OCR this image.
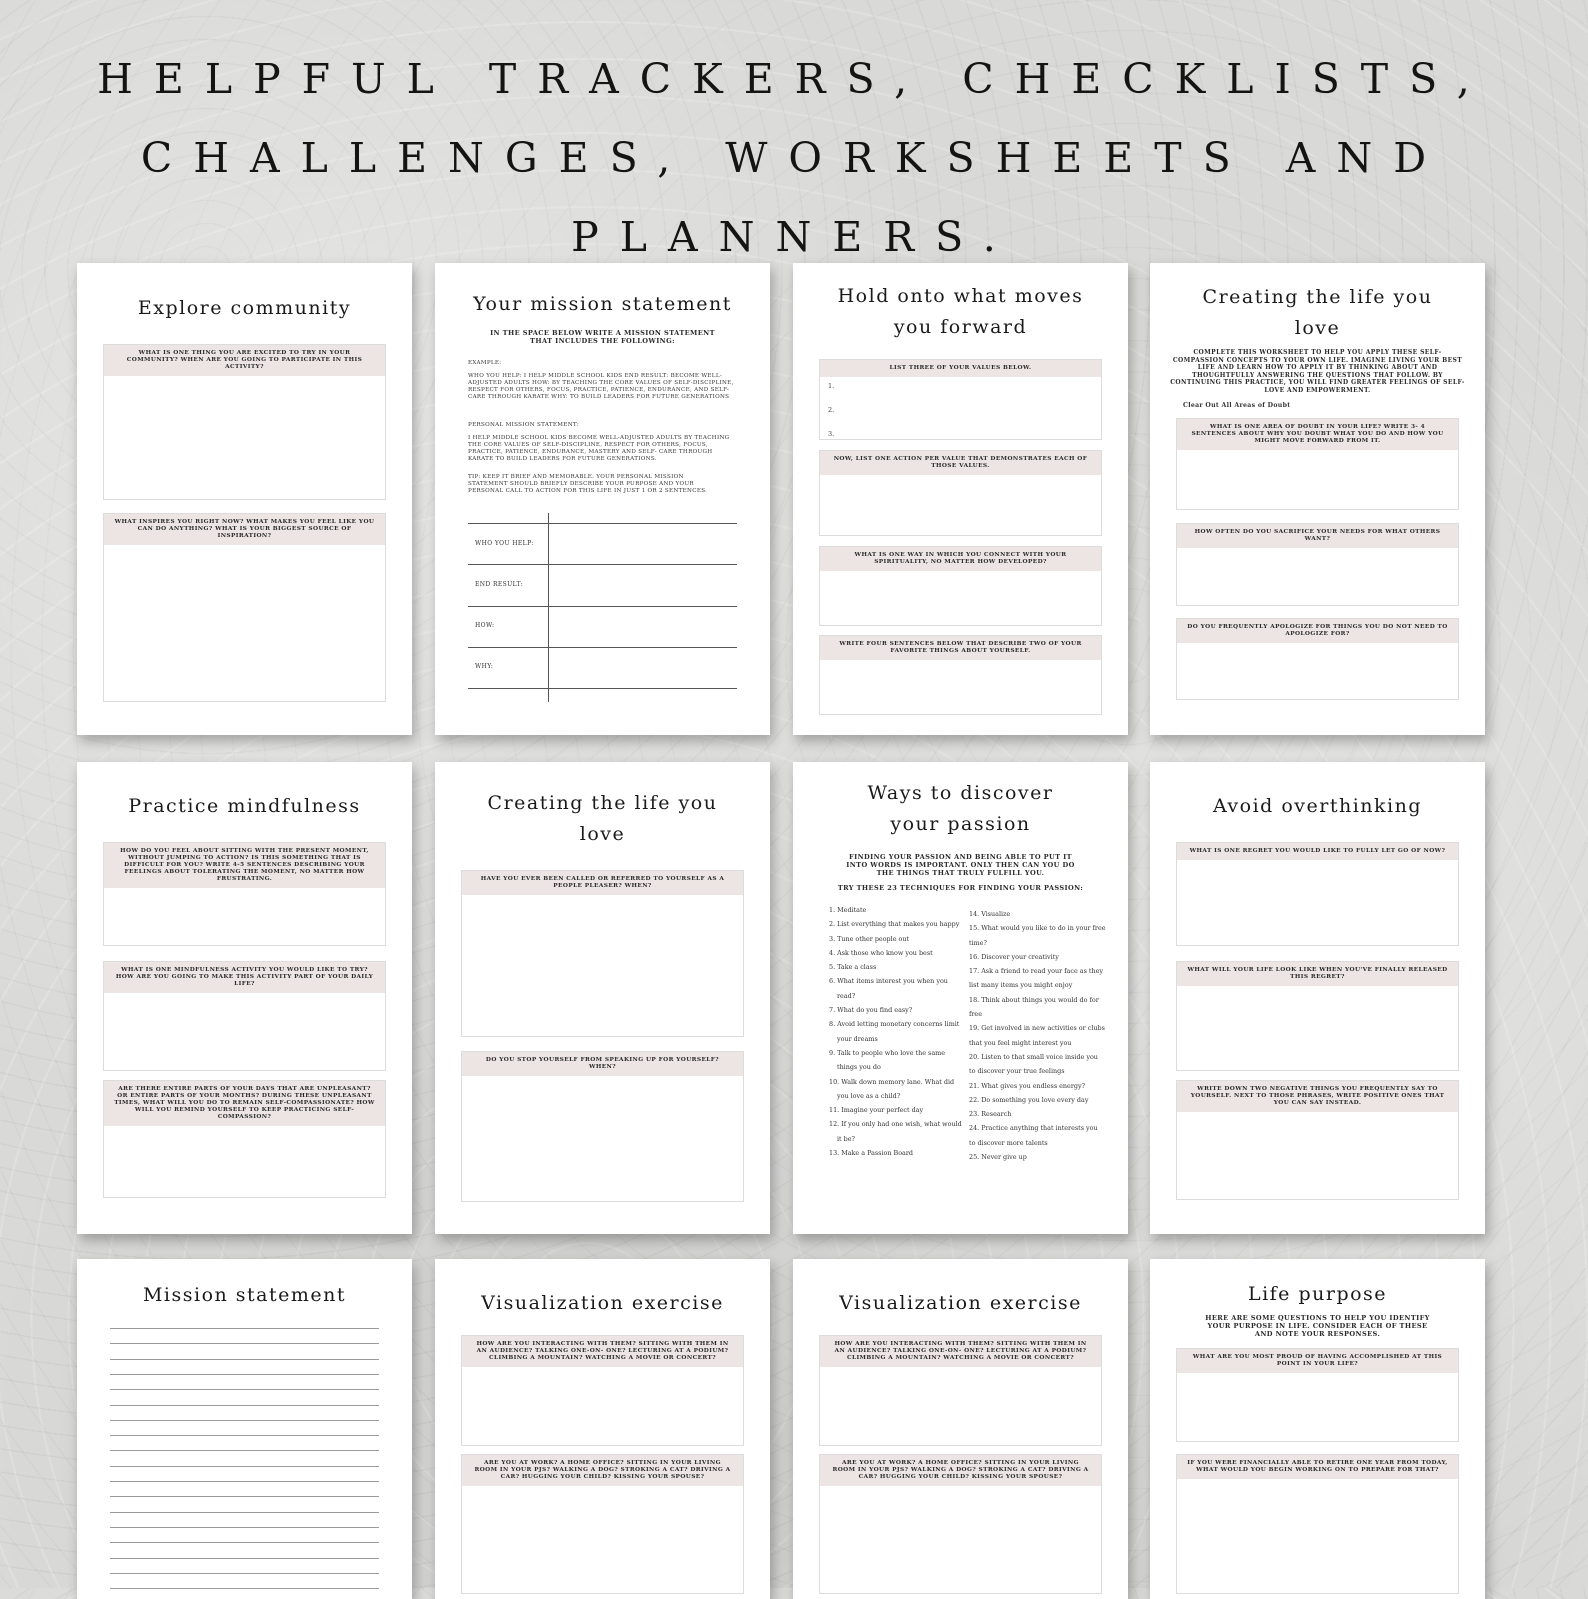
HELPFUL TRACKERS, CHECKLISTS,
CHALLENGES, WORKSHEETS AND
PLANNERS.
Explore community
WHAT IS ONE THING YOU ARE EXCITED TO TRY IN YOUR COMMUNITY? WHEN ARE YOU GOING TO PARTICIPATE IN THIS ACTIVITY?
WHAT INSPIRES YOU RIGHT NOW? WHAT MAKES YOU FEEL LIKE YOU CAN DO ANYTHING? WHAT IS YOUR BIGGEST SOURCE OF INSPIRATION?
Your mission statement
IN THE SPACE BELOW WRITE A MISSION STATEMENT THAT INCLUDES THE FOLLOWING:
EXAMPLE:
WHO YOU HELP: I HELP MIDDLE SCHOOL KIDS END RESULT: BECOME WELL-ADJUSTED ADULTS HOW: BY TEACHING THE CORE VALUES OF SELF-DISCIPLINE, RESPECT FOR OTHERS, FOCUS, PRACTICE, PATIENCE, ENDURANCE, AND SELF-CARE THROUGH KARATE WHY: TO BUILD LEADERS FOR FUTURE GENERATIONS
PERSONAL MISSION STATEMENT:
I HELP MIDDLE SCHOOL KIDS BECOME WELL-ADJUSTED ADULTS BY TEACHING THE CORE VALUES OF SELF-DISCIPLINE, RESPECT FOR OTHERS, FOCUS, PRACTICE, PATIENCE, ENDURANCE, MASTERY AND SELF- CARE THROUGH KARATE TO BUILD LEADERS FOR FUTURE GENERATIONS.
TIP: KEEP IT BRIEF AND MEMORABLE. YOUR PERSONAL MISSION STATEMENT SHOULD BRIEFLY DESCRIBE YOUR PURPOSE AND YOUR PERSONAL CALL TO ACTION FOR THIS LIFE IN JUST 1 OR 2 SENTENCES.
WHO YOU HELP:
END RESULT:
HOW:
WHY:
Hold onto what moves you forward
LIST THREE OF YOUR VALUES BELOW.
1.
2.
3.
NOW, LIST ONE ACTION PER VALUE THAT DEMONSTRATES EACH OF THOSE VALUES.
WHAT IS ONE WAY IN WHICH YOU CONNECT WITH YOUR SPIRITUALITY, NO MATTER HOW DEVELOPED?
WRITE FOUR SENTENCES BELOW THAT DESCRIBE TWO OF YOUR FAVORITE THINGS ABOUT YOURSELF.
Creating the life you love
COMPLETE THIS WORKSHEET TO HELP YOU APPLY THESE SELF-COMPASSION CONCEPTS TO YOUR OWN LIFE. IMAGINE LIVING YOUR BEST LIFE AND LEARN HOW TO APPLY IT BY THINKING ABOUT AND THOUGHTFULLY ANSWERING THE QUESTIONS THAT FOLLOW. BY CONTINUING THIS PRACTICE, YOU WILL FIND GREATER FEELINGS OF SELF-LOVE AND EMPOWERMENT.
Clear Out All Areas of Doubt
WHAT IS ONE AREA OF DOUBT IN YOUR LIFE? WRITE 3- 4 SENTENCES ABOUT WHY YOU DOUBT WHAT YOU DO AND HOW YOU MIGHT MOVE FORWARD FROM IT.
HOW OFTEN DO YOU SACRIFICE YOUR NEEDS FOR WHAT OTHERS WANT?
DO YOU FREQUENTLY APOLOGIZE FOR THINGS YOU DO NOT NEED TO APOLOGIZE FOR?
Practice mindfulness
HOW DO YOU FEEL ABOUT SITTING WITH THE PRESENT MOMENT, WITHOUT JUMPING TO ACTION? IS THIS SOMETHING THAT IS DIFFICULT FOR YOU? WRITE 4-5 SENTENCES DESCRIBING YOUR FEELINGS ABOUT TOLERATING THE MOMENT, NO MATTER HOW FRUSTRATING.
WHAT IS ONE MINDFULNESS ACTIVITY YOU WOULD LIKE TO TRY? HOW ARE YOU GOING TO MAKE THIS ACTIVITY PART OF YOUR DAILY LIFE?
ARE THERE ENTIRE PARTS OF YOUR DAYS THAT ARE UNPLEASANT? OR ENTIRE PARTS OF YOUR MONTHS? DURING THESE UNPLEASANT TIMES, WHAT WILL YOU DO TO REMAIN SELF-COMPASSIONATE? HOW WILL YOU REMIND YOURSELF TO KEEP PRACTICING SELF-COMPASSION?
Creating the life you love
HAVE YOU EVER BEEN CALLED OR REFERRED TO YOURSELF AS A PEOPLE PLEASER? WHEN?
DO YOU STOP YOURSELF FROM SPEAKING UP FOR YOURSELF? WHEN?
Ways to discover your passion
FINDING YOUR PASSION AND BEING ABLE TO PUT IT INTO WORDS IS IMPORTANT. ONLY THEN CAN YOU DO THE THINGS THAT TRULY FULFILL YOU.
TRY THESE 23 TECHNIQUES FOR FINDING YOUR PASSION:
1. Meditate
2. List everything that makes you happy
3. Tune other people out
4. Ask those who know you best
5. Take a class
6. What items interest you when you
read?
7. What do you find easy?
8. Avoid letting monetary concerns limit
your dreams
9. Talk to people who love the same
things you do
10. Walk down memory lane. What did
you love as a child?
11. Imagine your perfect day
12. If you only had one wish, what would
it be?
13. Make a Passion Board
14. Visualize
15. What would you like to do in your free
time?
16. Discover your creativity
17. Ask a friend to read your face as they
list many items you might enjoy
18. Think about things you would do for
free
19. Get involved in new activities or clubs
that you feel might interest you
20. Listen to that small voice inside you
to discover your true feelings
21. What gives you endless energy?
22. Do something you love every day
23. Research
24. Practice anything that interests you
to discover more talents
25. Never give up
Avoid overthinking
WHAT IS ONE REGRET YOU WOULD LIKE TO FULLY LET GO OF NOW?
WHAT WILL YOUR LIFE LOOK LIKE WHEN YOU'VE FINALLY RELEASED THIS REGRET?
WRITE DOWN TWO NEGATIVE THINGS YOU FREQUENTLY SAY TO YOURSELF. NEXT TO THOSE PHRASES, WRITE POSITIVE ONES THAT YOU CAN SAY INSTEAD.
Mission statement	Visualization exercise
HOW ARE YOU INTERACTING WITH THEM? SITTING WITH THEM IN AN AUDIENCE? TALKING ONE-ON- ONE? LECTURING AT A PODIUM? CLIMBING A MOUNTAIN? WATCHING A MOVIE OR CONCERT?
ARE YOU AT WORK? A HOME OFFICE? SITTING IN YOUR LIVING ROOM IN YOUR PJS? WALKING A DOG? STROKING A CAT? DRIVING A CAR? HUGGING YOUR CHILD? KISSING YOUR SPOUSE?
Visualization exercise
HOW ARE YOU INTERACTING WITH THEM? SITTING WITH THEM IN AN AUDIENCE? TALKING ONE-ON- ONE? LECTURING AT A PODIUM? CLIMBING A MOUNTAIN? WATCHING A MOVIE OR CONCERT?
ARE YOU AT WORK? A HOME OFFICE? SITTING IN YOUR LIVING ROOM IN YOUR PJS? WALKING A DOG? STROKING A CAT? DRIVING A CAR? HUGGING YOUR CHILD? KISSING YOUR SPOUSE?
Life purpose
HERE ARE SOME QUESTIONS TO HELP YOU IDENTIFY YOUR PURPOSE IN LIFE. CONSIDER EACH OF THESE AND NOTE YOUR RESPONSES.
WHAT ARE YOU MOST PROUD OF HAVING ACCOMPLISHED AT THIS POINT IN YOUR LIFE?
IF YOU WERE FINANCIALLY ABLE TO RETIRE ONE YEAR FROM TODAY, WHAT WOULD YOU BEGIN WORKING ON TO PREPARE FOR THAT?
